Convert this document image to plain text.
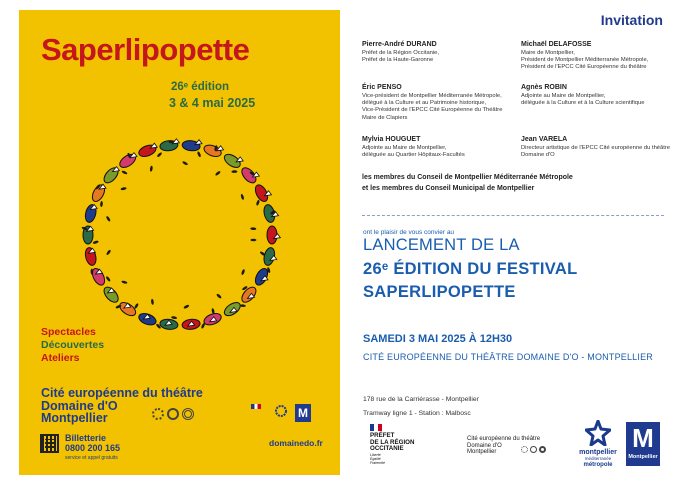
Saperlipopette
26ᵉ édition
3 & 4 mai 2025
Spectacles
Découvertes
Ateliers
Cité européenne du théâtre
Domaine d'O
Montpellier	M
Billetterie
0800 200 165
service et appel gratuits
domainedo.fr
Invitation
Pierre-André DURAND
Préfet de la Région Occitanie,
Préfet de la Haute-Garonne
Michaël DELAFOSSE
Maire de Montpellier,
Président de Montpellier Méditerranée Métropole,
Président de l'EPCC Cité Européenne du théâtre
Éric PENSO
Vice-président de Montpellier Méditerranée Métropole,
délégué à la Culture et au Patrimoine historique,
Vice-Président de l'EPCC Cité Européenne du Théâtre
Maire de Clapiers
Agnès ROBIN
Adjointe au Maire de Montpellier,
déléguée à la Culture et à la Culture scientifique
Mylvia HOUGUET
Adjointe au Maire de Montpellier,
déléguée au Quartier Hôpitaux-Facultés
Jean VARELA
Directeur artistique de l'EPCC Cité européenne du théâtre
Domaine d'O
les membres du Conseil de Montpellier Méditerranée Métropole
et les membres du Conseil Municipal de Montpellier
ont le plaisir de vous convier au
LANCEMENT DE LA
26ᵉ ÉDITION DU FESTIVAL
SAPERLIPOPETTE
SAMEDI 3 MAI 2025 À 12H30
CITÉ EUROPÉENNE DU THÉÂTRE DOMAINE D'O - MONTPELLIER
178 rue de la Carriérasse - Montpellier
Tramway ligne 1 - Station : Malbosc
PRÉFET
DE LA RÉGION
OCCITANIE
Liberté
Égalité
Fraternité
Cité européenne du théâtre
Domaine d'O
Montpellier	montpellier
méditerranée
métropole
M
Montpellier
